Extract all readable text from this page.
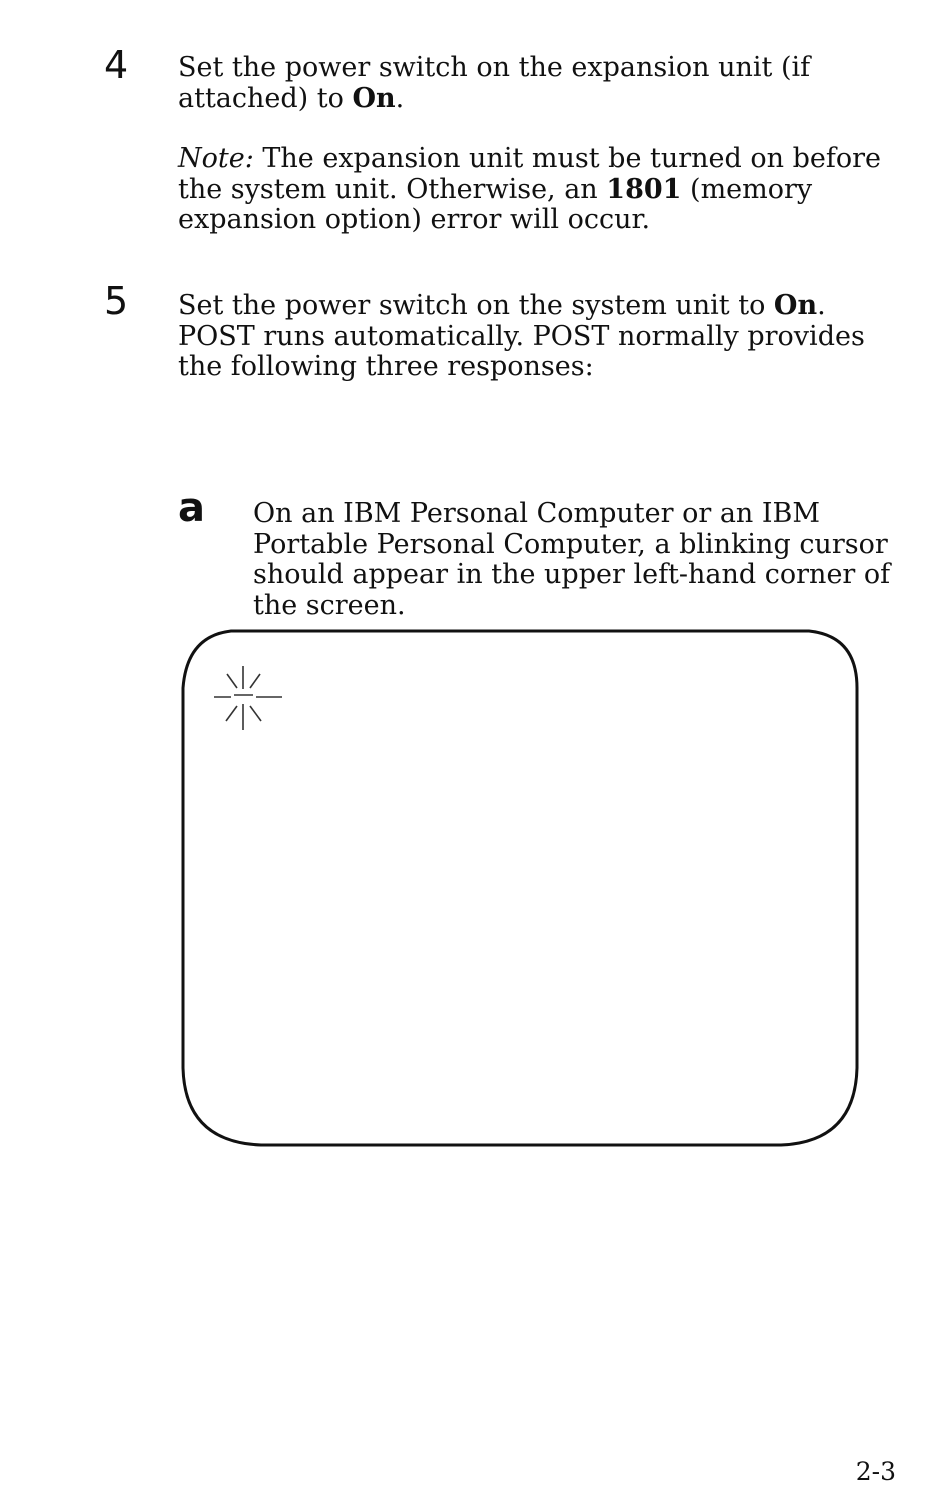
4 Set the power switch on the expansion unit (if attached) to On.
Note: The expansion unit must be turned on before the system unit. Otherwise, an 1801 (memory expansion option) error will occur.
5 Set the power switch on the system unit to On. POST runs automatically. POST normally provides the following three responses:
a On an IBM Personal Computer or an IBM Portable Personal Computer, a blinking cursor should appear in the upper left-hand corner of the screen.
2-3
